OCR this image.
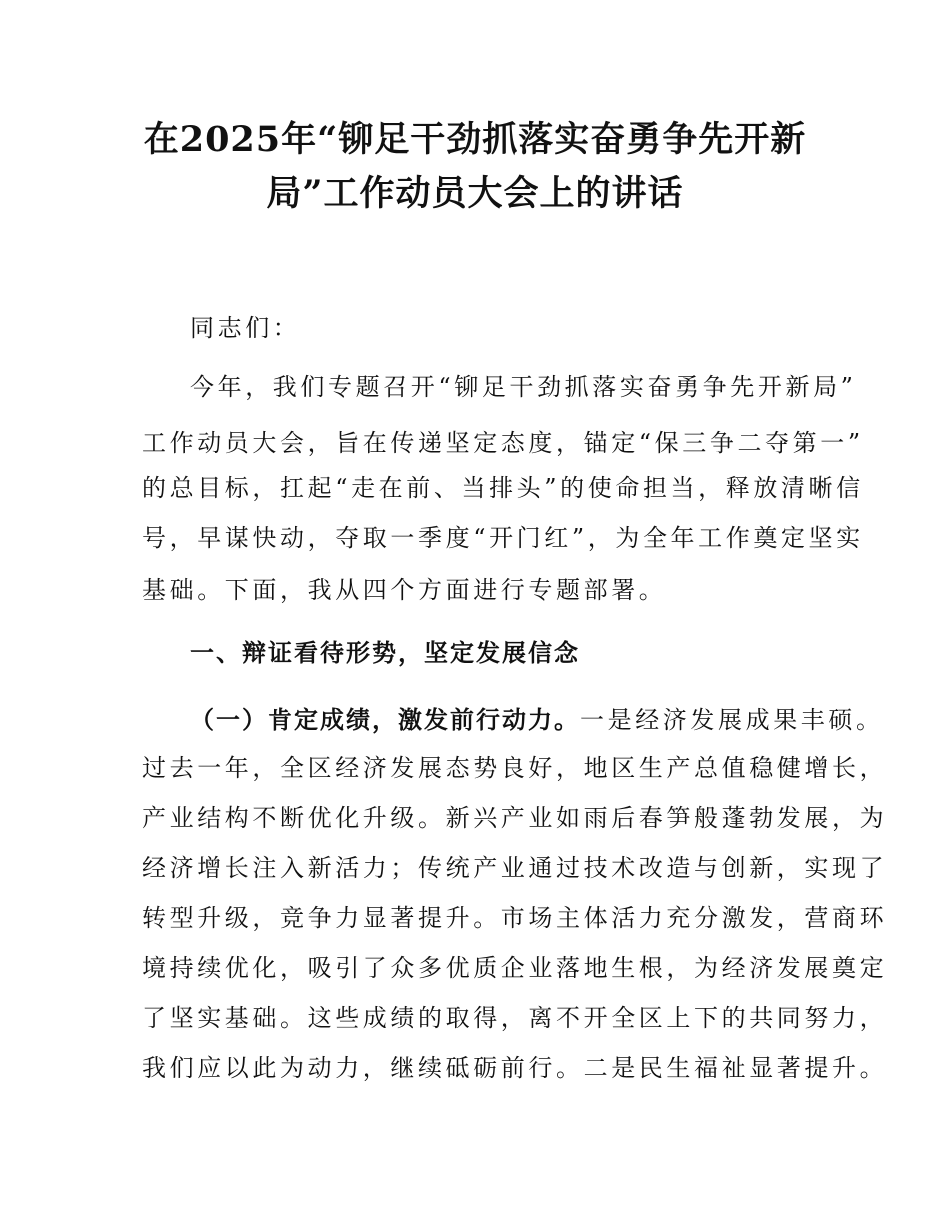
在2025年“铆足干劲抓落实奋勇争先开新
局”工作动员大会上的讲话
同志们：
今年，我们专题召开“铆足干劲抓落实奋勇争先开新局”
工作动员大会，旨在传递坚定态度，锚定“保三争二夺第一”
的总目标，扛起“走在前、当排头”的使命担当，释放清晰信
号，早谋快动，夺取一季度“开门红”，为全年工作奠定坚实
基础。下面，我从四个方面进行专题部署。
一、辩证看待形势，坚定发展信念
（一）肯定成绩，激发前行动力。一是经济发展成果丰硕。
过去一年，全区经济发展态势良好，地区生产总值稳健增长，
产业结构不断优化升级。新兴产业如雨后春笋般蓬勃发展，为
经济增长注入新活力；传统产业通过技术改造与创新，实现了
转型升级，竞争力显著提升。市场主体活力充分激发，营商环
境持续优化，吸引了众多优质企业落地生根，为经济发展奠定
了坚实基础。这些成绩的取得，离不开全区上下的共同努力，
我们应以此为动力，继续砥砺前行。二是民生福祉显著提升。
